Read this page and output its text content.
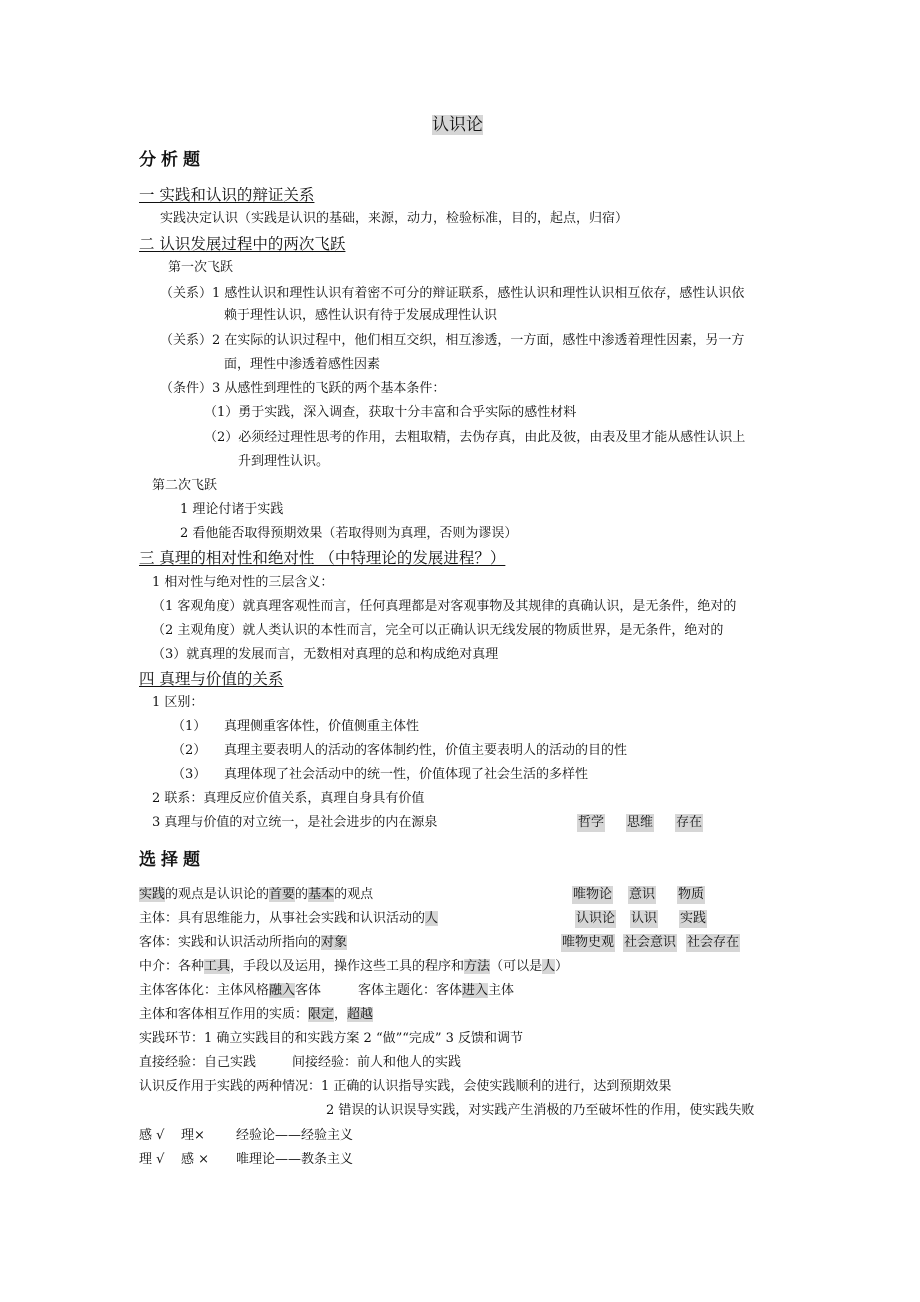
认识论
分析题
一 实践和认识的辩证关系
实践决定认识（实践是认识的基础，来源，动力，检验标准，目的，起点，归宿）
二 认识发展过程中的两次飞跃
第一次飞跃
（关系）1 感性认识和理性认识有着密不可分的辩证联系，感性认识和理性认识相互依存，感性认识依
赖于理性认识，感性认识有待于发展成理性认识
（关系）2 在实际的认识过程中，他们相互交织，相互渗透，一方面，感性中渗透着理性因素，另一方
面，理性中渗透着感性因素
（条件）3 从感性到理性的飞跃的两个基本条件：
（1）勇于实践，深入调查，获取十分丰富和合乎实际的感性材料
（2）必须经过理性思考的作用，去粗取精，去伪存真，由此及彼，由表及里才能从感性认识上
升到理性认识。
第二次飞跃
1 理论付诸于实践
2 看他能否取得预期效果（若取得则为真理，否则为谬误）
三 真理的相对性和绝对性 （中特理论的发展进程？）
1 相对性与绝对性的三层含义：
（1 客观角度）就真理客观性而言，任何真理都是对客观事物及其规律的真确认识，是无条件，绝对的
（2 主观角度）就人类认识的本性而言，完全可以正确认识无线发展的物质世界，是无条件，绝对的
（3）就真理的发展而言，无数相对真理的总和构成绝对真理
四 真理与价值的关系
1 区别：
（1） 真理侧重客体性，价值侧重主体性
（2） 真理主要表明人的活动的客体制约性，价值主要表明人的活动的目的性
（3） 真理体现了社会活动中的统一性，价值体现了社会生活的多样性
2 联系：真理反应价值关系，真理自身具有价值
3 真理与价值的对立统一，是社会进步的内在源泉	哲学 思维 存在
选择题
实践的观点是认识论的首要的基本的观点	唯物论 意识 物质
主体：具有思维能力，从事社会实践和认识活动的人	认识论 认识 实践
客体：实践和认识活动所指向的对象	唯物史观 社会意识 社会存在
中介：各种工具，手段以及运用，操作这些工具的程序和方法（可以是人）
主体客体化：主体风格融入客体	客体主题化：客体进入主体
主体和客体相互作用的实质：限定，超越
实践环节：1 确立实践目的和实践方案 2 “做”“完成” 3 反馈和调节
直接经验：自己实践	间接经验：前人和他人的实践
认识反作用于实践的两种情况：1 正确的认识指导实践，会使实践顺利的进行，达到预期效果
2 错误的认识误导实践，对实践产生消极的乃至破坏性的作用，使实践失败
感 √ 理× 经验论——经验主义
理 √ 感 × 唯理论——教条主义
